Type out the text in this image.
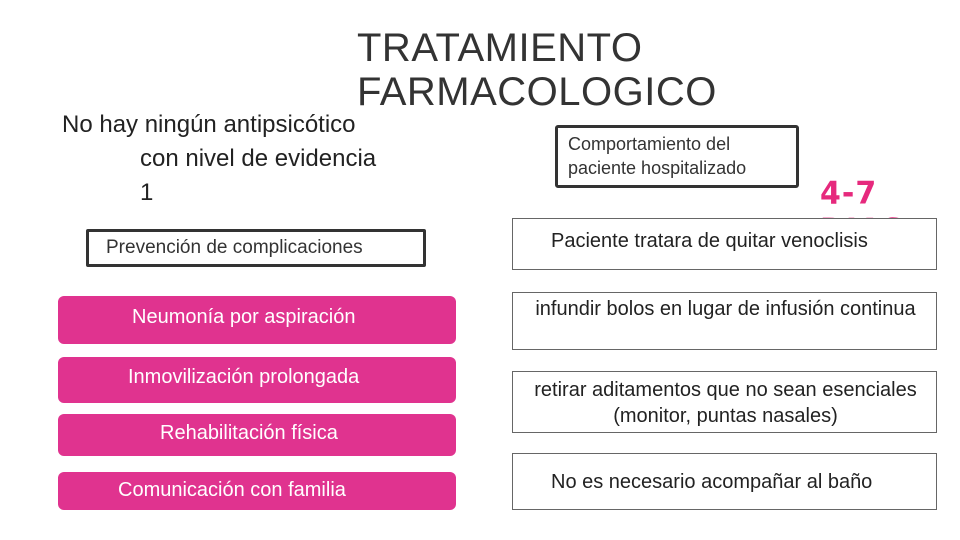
TRATAMIENTO FARMACOLOGICO
No hay ningún antipsicótico
con nivel de evidencia
1
Comportamiento del paciente hospitalizado
4-7
Prevención de complicaciones
Neumonía por aspiración
Inmovilización prolongada
Rehabilitación física
Comunicación con familia
Paciente tratara de quitar venoclisis
infundir bolos en lugar de infusión continua
retirar aditamentos que no sean esenciales (monitor, puntas nasales)
No es necesario acompañar al baño
